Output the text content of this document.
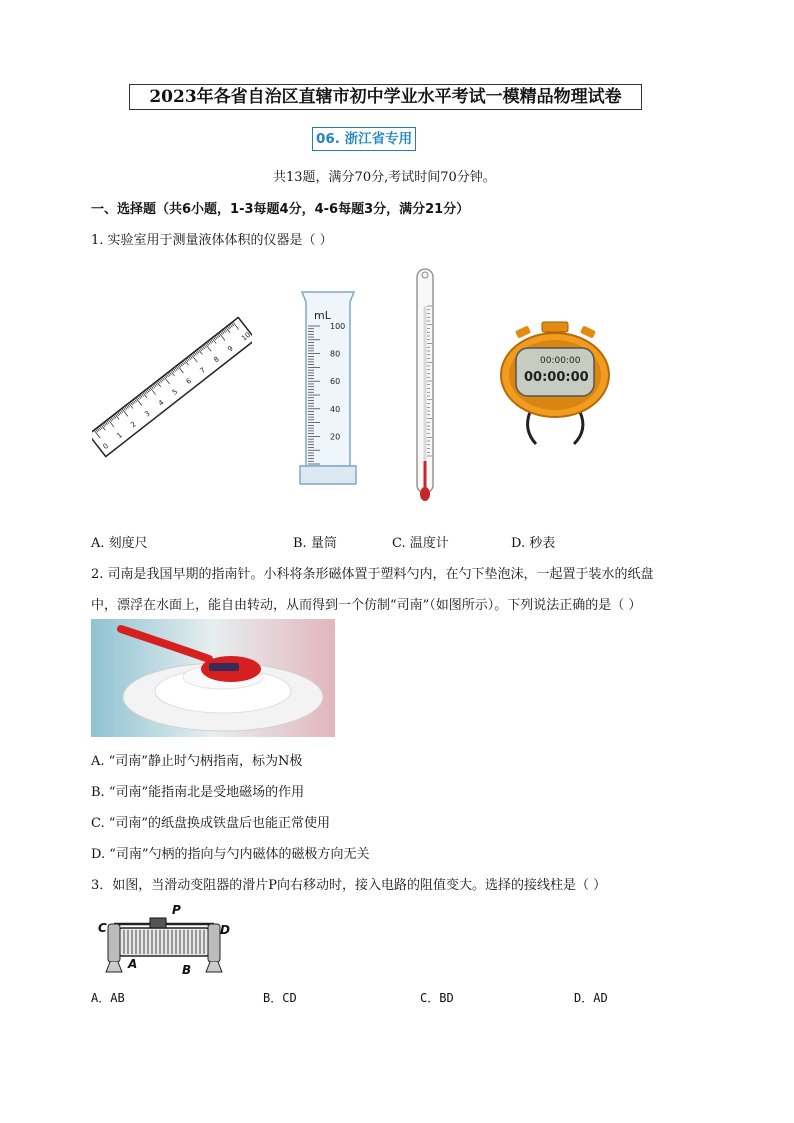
2023年各省自治区直辖市初中学业水平考试一模精品物理试卷
06. 浙江省专用
共13题，满分70分,考试时间70分钟。
一、选择题（共6小题，1-3每题4分，4-6每题3分，满分21分）
1. 实验室用于测量液体体积的仪器是（ ）
0
1
2
3
4
5
6
7
8
9
10
mL
100
80
60
40
20
00:00:00
00:00:00
A. 刻度尺	B. 量筒	C. 温度计	D. 秒表
2. 司南是我国早期的指南针。小科将条形磁体置于塑料勺内，在勺下垫泡沫，一起置于装水的纸盘
中，漂浮在水面上，能自由转动，从而得到一个仿制“司南”（如图所示）。下列说法正确的是（ ）
A. “司南”静止时勺柄指南，标为N极
B. “司南”能指南北是受地磁场的作用
C. “司南”的纸盘换成铁盘后也能正常使用
D. “司南”勺柄的指向与勺内磁体的磁极方向无关
3．如图，当滑动变阻器的滑片P向右移动时，接入电路的阻值变大。选择的接线柱是（ ）
C
P
D
A	B
A．AB	B．CD	C．BD	D．AD
